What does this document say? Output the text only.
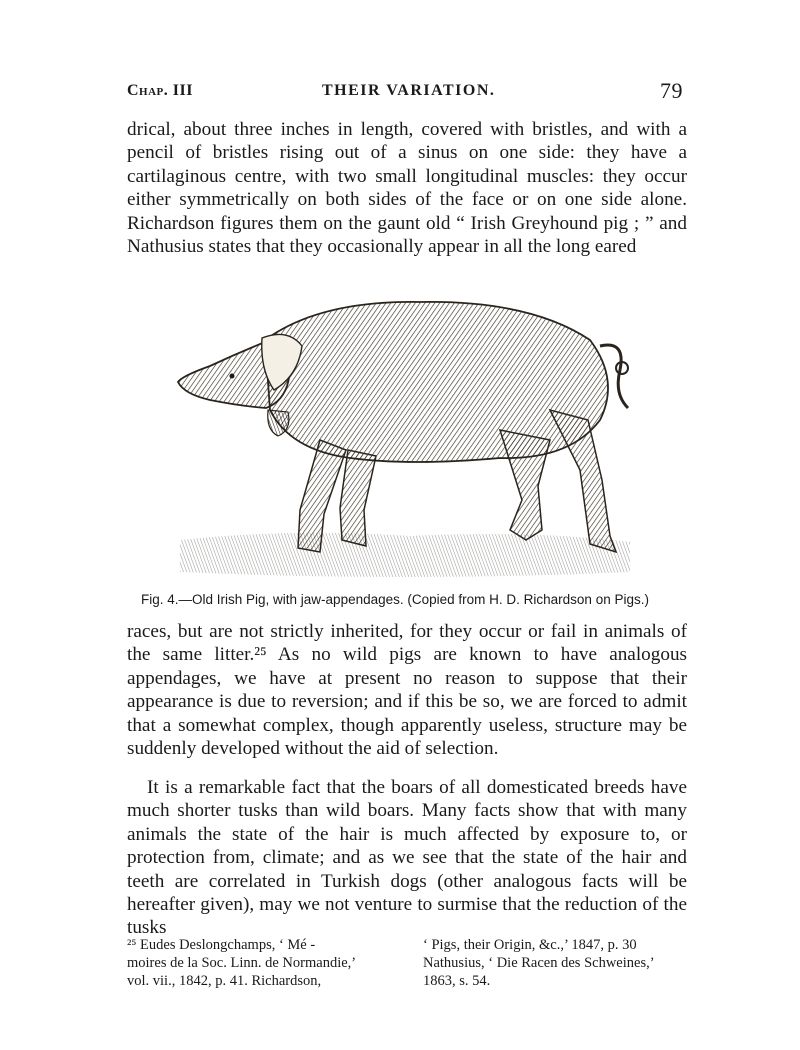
Chap. III	THEIR VARIATION.	79
drical, about three inches in length, covered with bristles, and with a pencil of bristles rising out of a sinus on one side: they have a cartilaginous centre, with two small longitudinal muscles: they occur either symmetrically on both sides of the face or on one side alone. Richardson figures them on the gaunt old “ Irish Greyhound pig ; ” and Nathusius states that they occasionally appear in all the long eared
Fig. 4.—Old Irish Pig, with jaw-appendages. (Copied from H. D. Richardson on Pigs.)
races, but are not strictly inherited, for they occur or fail in animals of the same litter.²⁵ As no wild pigs are known to have analogous appendages, we have at present no reason to suppose that their appearance is due to reversion; and if this be so, we are forced to admit that a somewhat complex, though apparently useless, structure may be suddenly developed without the aid of selection.
It is a remarkable fact that the boars of all domesticated breeds have much shorter tusks than wild boars. Many facts show that with many animals the state of the hair is much affected by exposure to, or protection from, climate; and as we see that the state of the hair and teeth are correlated in Turkish dogs (other analogous facts will be hereafter given), may we not venture to surmise that the reduction of the tusks
²⁵ Eudes Deslongchamps, ‘ Mé -
moires de la Soc. Linn. de Normandie,’
vol. vii., 1842, p. 41. Richardson,
‘ Pigs, their Origin, &c.,’ 1847, p. 30
Nathusius, ‘ Die Racen des Schweines,’
1863, s. 54.
